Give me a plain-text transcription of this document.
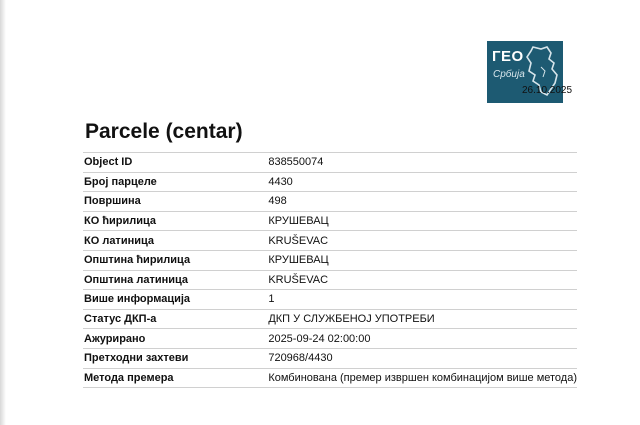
ГЕО
Србија
26.10.2025
Parcele (centar)
Object ID	838550074
Број парцеле	4430
Површина	498
КО ћирилица	КРУШЕВАЦ
КО латиница	KRUŠEVAC
Општина ћирилица	КРУШЕВАЦ
Општина латиница	KRUŠEVAC
Више информација	1
Статус ДКП-а	ДКП У СЛУЖБЕНОЈ УПОТРЕБИ
Ажурирано	2025-09-24 02:00:00
Претходни захтеви	720968/4430
Метода премера	Комбинована (премер извршен комбинацијом више метода)
